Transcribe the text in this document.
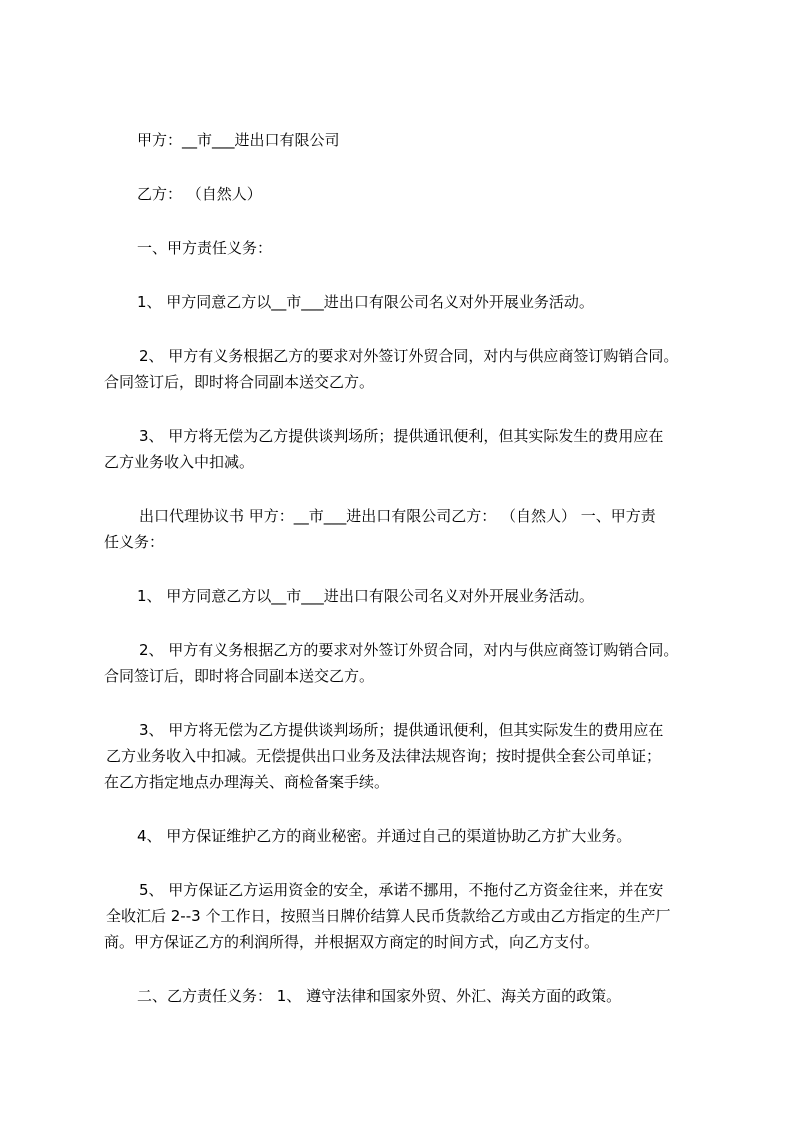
甲方：__市___进出口有限公司
乙方： （自然人）
一、甲方责任义务：
1、 甲方同意乙方以__市___进出口有限公司名义对外开展业务活动。
2、 甲方有义务根据乙方的要求对外签订外贸合同，对内与供应商签订购销合同。
合同签订后，即时将合同副本送交乙方。
3、 甲方将无偿为乙方提供谈判场所；提供通讯便利，但其实际发生的费用应在
乙方业务收入中扣减。
出口代理协议书 甲方：__市___进出口有限公司乙方： （自然人） 一、甲方责
任义务：
1、 甲方同意乙方以__市___进出口有限公司名义对外开展业务活动。
2、 甲方有义务根据乙方的要求对外签订外贸合同，对内与供应商签订购销合同。
合同签订后，即时将合同副本送交乙方。
3、 甲方将无偿为乙方提供谈判场所；提供通讯便利，但其实际发生的费用应在
乙方业务收入中扣减。无偿提供出口业务及法律法规咨询；按时提供全套公司单证；
在乙方指定地点办理海关、商检备案手续。
4、 甲方保证维护乙方的商业秘密。并通过自己的渠道协助乙方扩大业务。
5、 甲方保证乙方运用资金的安全，承诺不挪用，不拖付乙方资金往来，并在安
全收汇后 2--3 个工作日，按照当日牌价结算人民币货款给乙方或由乙方指定的生产厂
商。甲方保证乙方的利润所得，并根据双方商定的时间方式，向乙方支付。
二、乙方责任义务： 1、 遵守法律和国家外贸、外汇、海关方面的政策。
